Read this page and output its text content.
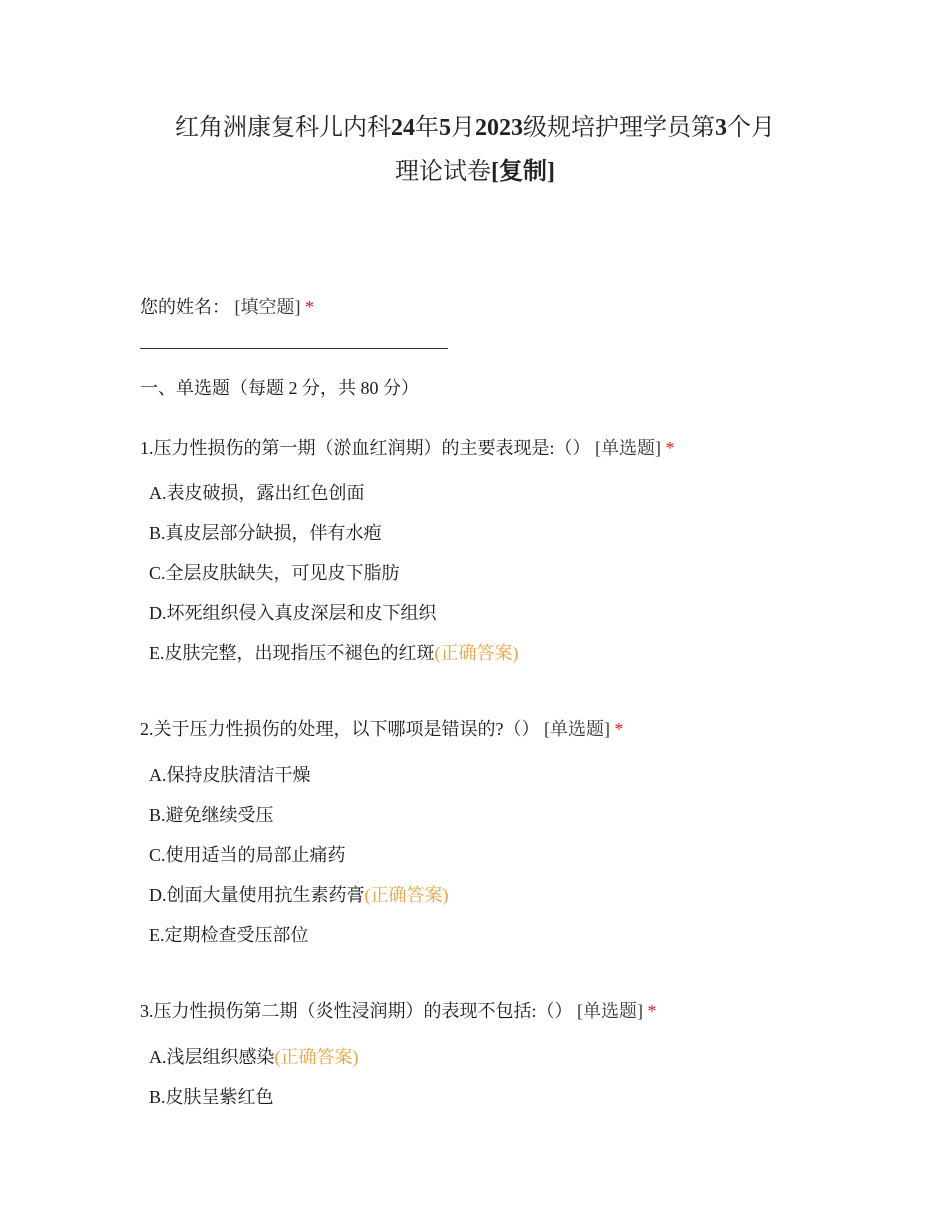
红角洲康复科儿内科24年5月2023级规培护理学员第3个月
理论试卷[复制]
您的姓名： [填空题] *
一、单选题（每题 2 分，共 80 分）
1.压力性损伤的第一期（淤血红润期）的主要表现是:（） [单选题] *
A.表皮破损，露出红色创面
B.真皮层部分缺损，伴有水疱
C.全层皮肤缺失，可见皮下脂肪
D.坏死组织侵入真皮深层和皮下组织
E.皮肤完整，出现指压不褪色的红斑(正确答案)
2.关于压力性损伤的处理，以下哪项是错误的?（） [单选题] *
A.保持皮肤清洁干燥
B.避免继续受压
C.使用适当的局部止痛药
D.创面大量使用抗生素药膏(正确答案)
E.定期检查受压部位
3.压力性损伤第二期（炎性浸润期）的表现不包括:（） [单选题] *
A.浅层组织感染(正确答案)
B.皮肤呈紫红色
